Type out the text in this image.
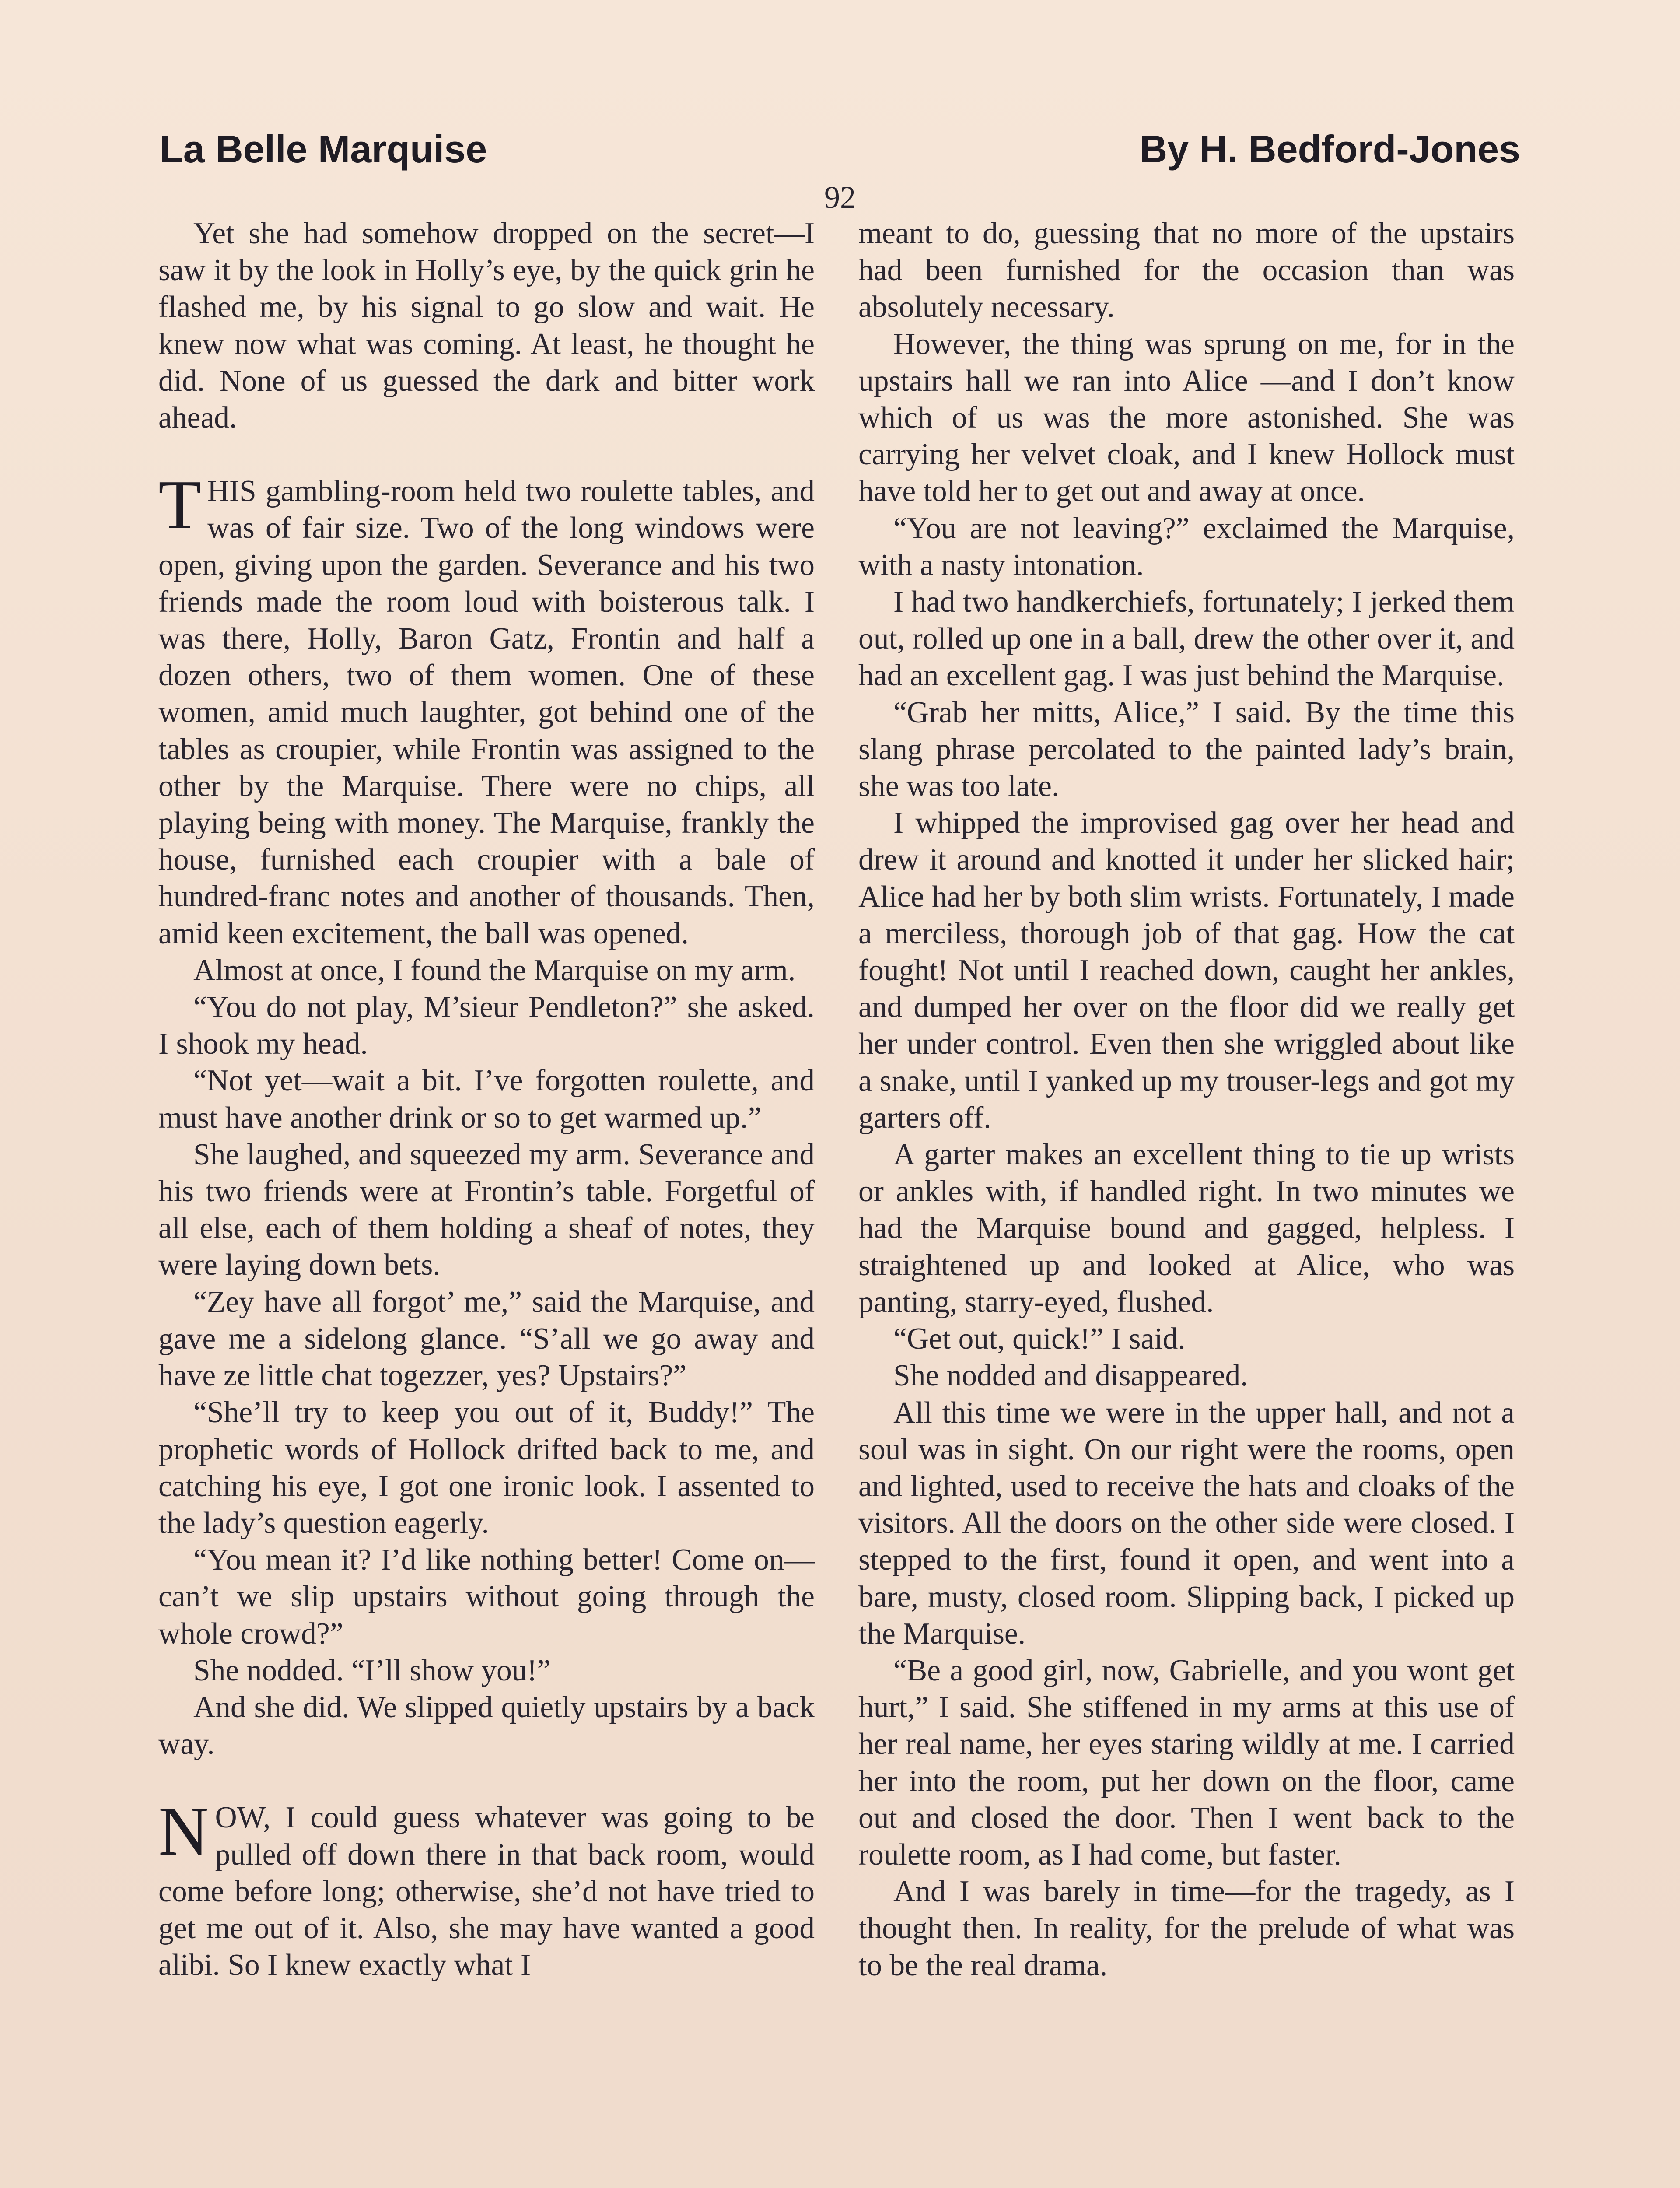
La Belle Marquise	By H. Bedford-Jones
92

Yet she had somehow dropped on the secret—I saw it by the look in Holly’s eye, by the quick grin he flashed me, by his signal to go slow and wait. He knew now what was coming. At least, he thought he did. None of us guessed the dark and bitter work ahead.

THIS gambling-room held two roulette tables, and was of fair size. Two of the long windows were open, giving upon the garden. Severance and his two friends made the room loud with boisterous talk. I was there, Holly, Baron Gatz, Frontin and half a dozen others, two of them women. One of these women, amid much laughter, got behind one of the tables as croupier, while Frontin was assigned to the other by the Marquise. There were no chips, all playing being with money. The Marquise, frankly the house, furnished each croupier with a bale of hundred-franc notes and another of thousands. Then, amid keen excitement, the ball was opened.

Almost at once, I found the Marquise on my arm.

“You do not play, M’sieur Pendleton?” she asked. I shook my head.

“Not yet—wait a bit. I’ve forgotten roulette, and must have another drink or so to get warmed up.”

She laughed, and squeezed my arm. Severance and his two friends were at Frontin’s table. Forgetful of all else, each of them holding a sheaf of notes, they were laying down bets.

“Zey have all forgot’ me,” said the Marquise, and gave me a sidelong glance. “S’all we go away and have ze little chat togezzer, yes? Upstairs?”

“She’ll try to keep you out of it, Buddy!” The prophetic words of Hollock drifted back to me, and catching his eye, I got one ironic look. I assented to the lady’s question eagerly.

“You mean it? I’d like nothing better! Come on—can’t we slip upstairs without going through the whole crowd?”

She nodded. “I’ll show you!”

And she did. We slipped quietly upstairs by a back way.

NOW, I could guess whatever was going to be pulled off down there in that back room, would come before long; otherwise, she’d not have tried to get me out of it. Also, she may have wanted a good alibi. So I knew exactly what I

meant to do, guessing that no more of the upstairs had been furnished for the occasion than was absolutely necessary.

However, the thing was sprung on me, for in the upstairs hall we ran into Alice —and I don’t know which of us was the more astonished. She was carrying her velvet cloak, and I knew Hollock must have told her to get out and away at once.

“You are not leaving?” exclaimed the Marquise, with a nasty intonation.

I had two handkerchiefs, fortunately; I jerked them out, rolled up one in a ball, drew the other over it, and had an excellent gag. I was just behind the Marquise.

“Grab her mitts, Alice,” I said. By the time this slang phrase percolated to the painted lady’s brain, she was too late.

I whipped the improvised gag over her head and drew it around and knotted it under her slicked hair; Alice had her by both slim wrists. Fortunately, I made a merciless, thorough job of that gag. How the cat fought! Not until I reached down, caught her ankles, and dumped her over on the floor did we really get her under control. Even then she wriggled about like a snake, until I yanked up my trouser-legs and got my garters off.

A garter makes an excellent thing to tie up wrists or ankles with, if handled right. In two minutes we had the Marquise bound and gagged, helpless. I straightened up and looked at Alice, who was panting, starry-eyed, flushed.

“Get out, quick!” I said.

She nodded and disappeared.

All this time we were in the upper hall, and not a soul was in sight. On our right were the rooms, open and lighted, used to receive the hats and cloaks of the visitors. All the doors on the other side were closed. I stepped to the first, found it open, and went into a bare, musty, closed room. Slipping back, I picked up the Marquise.

“Be a good girl, now, Gabrielle, and you wont get hurt,” I said. She stiffened in my arms at this use of her real name, her eyes staring wildly at me. I carried her into the room, put her down on the floor, came out and closed the door. Then I went back to the roulette room, as I had come, but faster.

And I was barely in time—for the tragedy, as I thought then. In reality, for the prelude of what was to be the real drama.
